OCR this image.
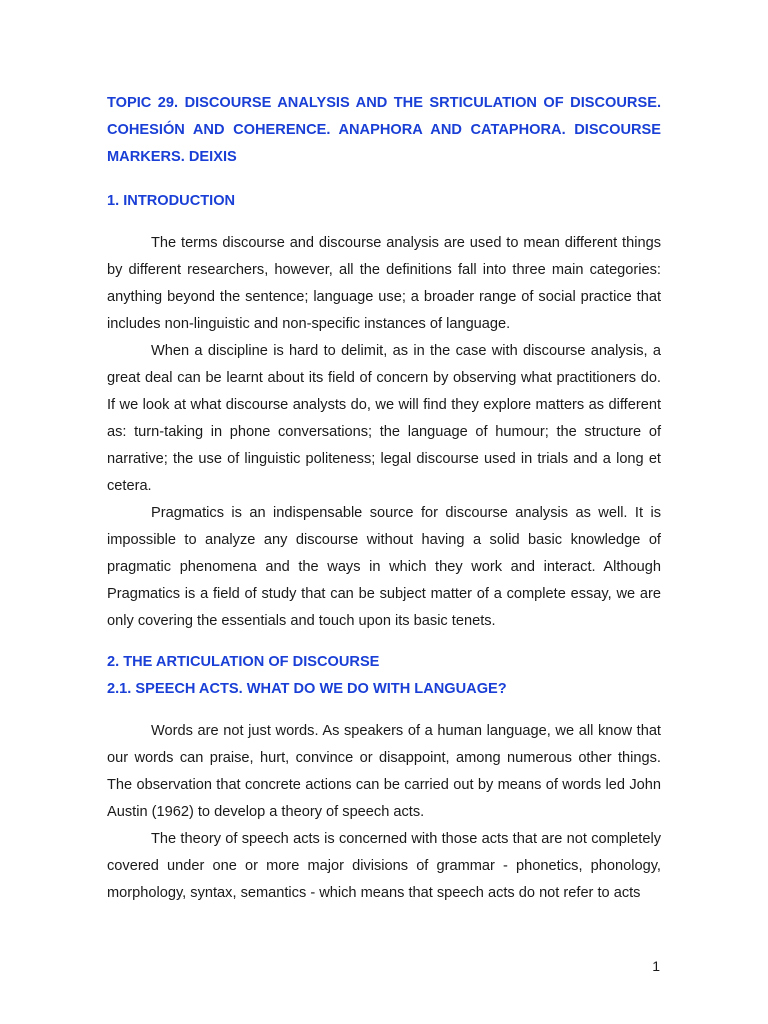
TOPIC 29. DISCOURSE ANALYSIS AND THE SRTICULATION OF DISCOURSE. COHESIÓN AND COHERENCE. ANAPHORA AND CATAPHORA. DISCOURSE MARKERS. DEIXIS
1. INTRODUCTION

The terms discourse and discourse analysis are used to mean different things by different researchers, however, all the definitions fall into three main categories: anything beyond the sentence; language use; a broader range of social practice that includes non-linguistic and non-specific instances of language.

When a discipline is hard to delimit, as in the case with discourse analysis, a great deal can be learnt about its field of concern by observing what practitioners do. If we look at what discourse analysts do, we will find they explore matters as different as: turn-taking in phone conversations; the language of humour; the structure of narrative; the use of linguistic politeness; legal discourse used in trials and a long et cetera.

Pragmatics is an indispensable source for discourse analysis as well. It is impossible to analyze any discourse without having a solid basic knowledge of pragmatic phenomena and the ways in which they work and interact. Although Pragmatics is a field of study that can be subject matter of a complete essay, we are only covering the essentials and touch upon its basic tenets.

2. THE ARTICULATION OF DISCOURSE
2.1. SPEECH ACTS. WHAT DO WE DO WITH LANGUAGE?

Words are not just words. As speakers of a human language, we all know that our words can praise, hurt, convince or disappoint, among numerous other things. The observation that concrete actions can be carried out by means of words led John Austin (1962) to develop a theory of speech acts.

The theory of speech acts is concerned with those acts that are not completely covered under one or more major divisions of grammar - phonetics, phonology, morphology, syntax, semantics - which means that speech acts do not refer to acts

1
